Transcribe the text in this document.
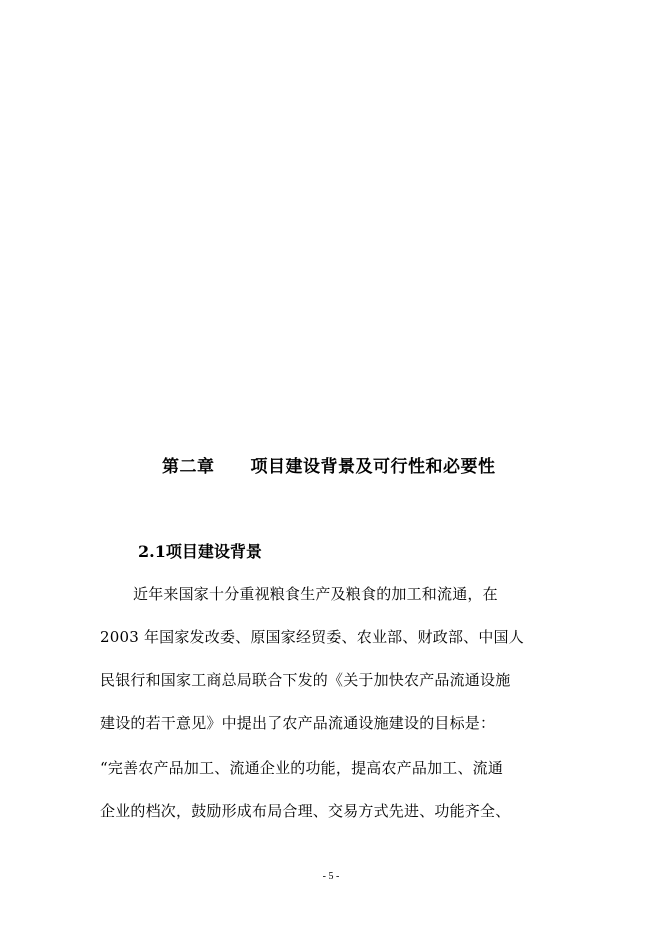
第二章 项目建设背景及可行性和必要性
2.1项目建设背景
近年来国家十分重视粮食生产及粮食的加工和流通，在
2003 年国家发改委、原国家经贸委、农业部、财政部、中国人
民银行和国家工商总局联合下发的《关于加快农产品流通设施
建设的若干意见》中提出了农产品流通设施建设的目标是：
“完善农产品加工、流通企业的功能，提高农产品加工、流通
企业的档次，鼓励形成布局合理、交易方式先进、功能齐全、
- 5 -
